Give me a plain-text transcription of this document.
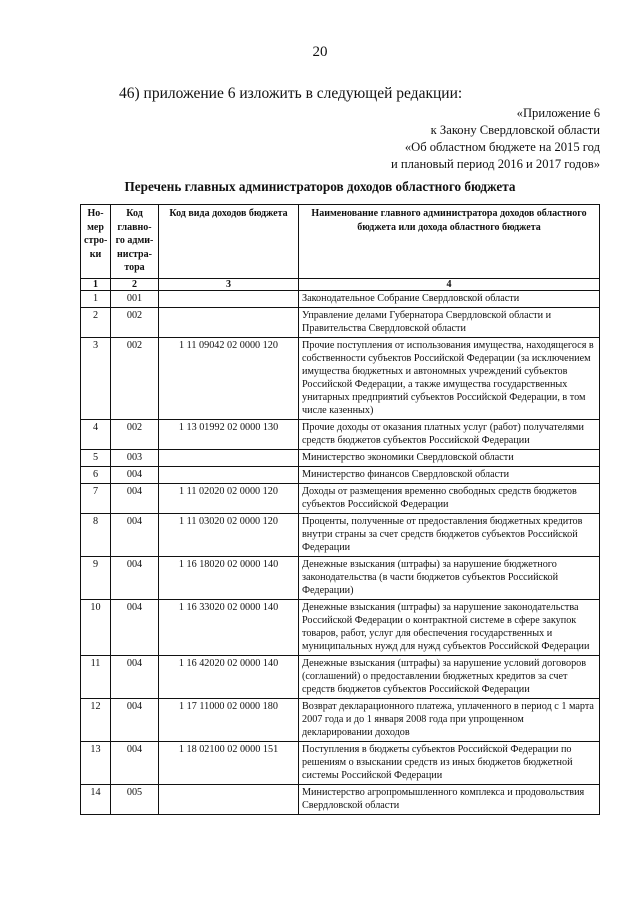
20
46) приложение 6 изложить в следующей редакции:
«Приложение 6
к Закону Свердловской области
«Об областном бюджете на 2015 год
и плановый период 2016 и 2017 годов»
Перечень главных администраторов доходов областного бюджета
Но-мер стро-ки	Код главно-го адми-нистра-тора	Код вида доходов бюджета	Наименование главного администратора доходов областного бюджета или дохода областного бюджета
1	2	3	4
1	001		Законодательное Собрание Свердловской области
2	002		Управление делами Губернатора Свердловской области и Правительства Свердловской области
3	002	1 11 09042 02 0000 120	Прочие поступления от использования имущества, находящегося в собственности субъектов Российской Федерации (за исключением имущества бюджетных и автономных учреждений субъектов Российской Федерации, а также имущества государственных унитарных предприятий субъектов Российской Федерации, в том числе казенных)
4	002	1 13 01992 02 0000 130	Прочие доходы от оказания платных услуг (работ) получателями средств бюджетов субъектов Российской Федерации
5	003		Министерство экономики Свердловской области
6	004		Министерство финансов Свердловской области
7	004	1 11 02020 02 0000 120	Доходы от размещения временно свободных средств бюджетов субъектов Российской Федерации
8	004	1 11 03020 02 0000 120	Проценты, полученные от предоставления бюджетных кредитов внутри страны за счет средств бюджетов субъектов Российской Федерации
9	004	1 16 18020 02 0000 140	Денежные взыскания (штрафы) за нарушение бюджетного законодательства (в части бюджетов субъектов Российской Федерации)
10	004	1 16 33020 02 0000 140	Денежные взыскания (штрафы) за нарушение законодательства Российской Федерации о контрактной системе в сфере закупок товаров, работ, услуг для обеспечения государственных и муниципальных нужд для нужд субъектов Российской Федерации
11	004	1 16 42020 02 0000 140	Денежные взыскания (штрафы) за нарушение условий договоров (соглашений) о предоставлении бюджетных кредитов за счет средств бюджетов субъектов Российской Федерации
12	004	1 17 11000 02 0000 180	Возврат декларационного платежа, уплаченного в период с 1 марта 2007 года и до 1 января 2008 года при упрощенном декларировании доходов
13	004	1 18 02100 02 0000 151	Поступления в бюджеты субъектов Российской Федерации по решениям о взыскании средств из иных бюджетов бюджетной системы Российской Федерации
14	005		Министерство агропромышленного комплекса и продовольствия Свердловской области
